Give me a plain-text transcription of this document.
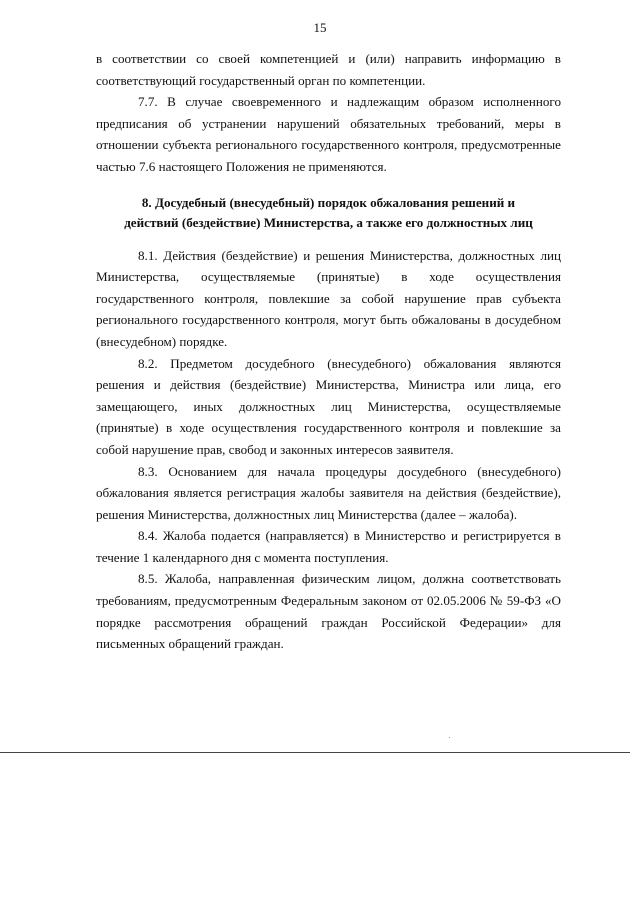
15

в соответствии со своей компетенцией и (или) направить информацию в соответствующий государственный орган по компетенции.

7.7. В случае своевременного и надлежащим образом исполненного предписания об устранении нарушений обязательных требований, меры в отношении субъекта регионального государственного контроля, предусмотренные частью 7.6 настоящего Положения не применяются.

8. Досудебный (внесудебный) порядок обжалования решений и
действий (бездействие) Министерства, а также его должностных лиц

8.1. Действия (бездействие) и решения Министерства, должностных лиц Министерства, осуществляемые (принятые) в ходе осуществления государственного контроля, повлекшие за собой нарушение прав субъекта регионального государственного контроля, могут быть обжалованы в досудебном (внесудебном) порядке.

8.2. Предметом досудебного (внесудебного) обжалования являются решения и действия (бездействие) Министерства, Министра или лица, его замещающего, иных должностных лиц Министерства, осуществляемые (принятые) в ходе осуществления государственного контроля и повлекшие за собой нарушение прав, свобод и законных интересов заявителя.

8.3. Основанием для начала процедуры досудебного (внесудебного) обжалования является регистрация жалобы заявителя на действия (бездействие), решения Министерства, должностных лиц Министерства (далее – жалоба).

8.4. Жалоба подается (направляется) в Министерство и регистрируется в течение 1 календарного дня с момента поступления.

8.5. Жалоба, направленная физическим лицом, должна соответствовать требованиям, предусмотренным Федеральным законом от 02.05.2006 № 59-ФЗ «О порядке рассмотрения обращений граждан Российской Федерации» для письменных обращений граждан.
